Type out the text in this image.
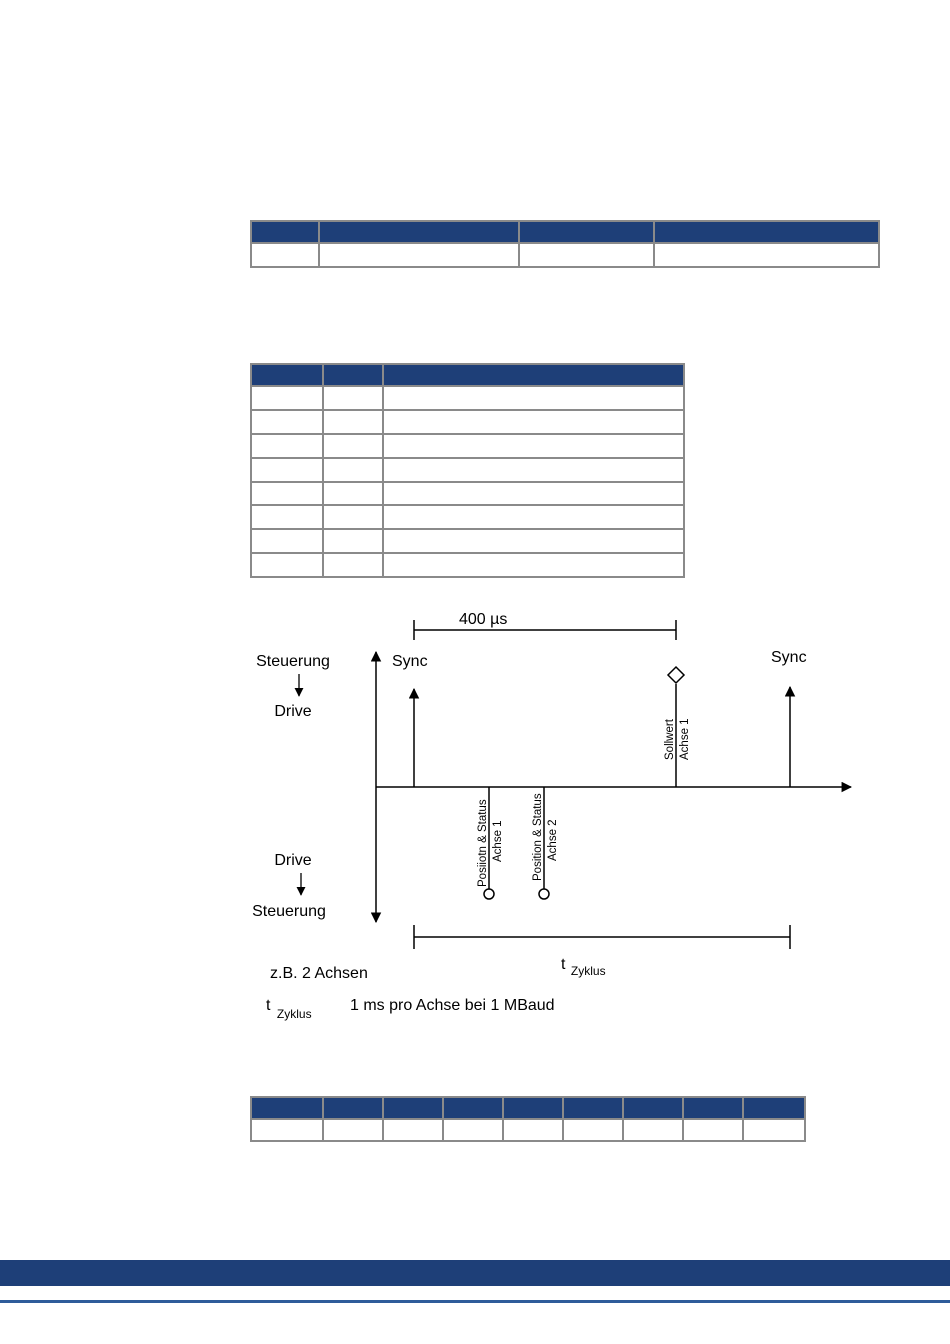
400 µs
Steuerung
Drive
Drive
Steuerung
Sync	Sync
Sollwert Achse 1
Posiiotn & Status Achse 1 Position & Status Achse 2
t $_{Zyklus}$
z.B. 2 Achsen
t $_{Zyklus}$ 1 ms pro Achse bei 1 MBaud
